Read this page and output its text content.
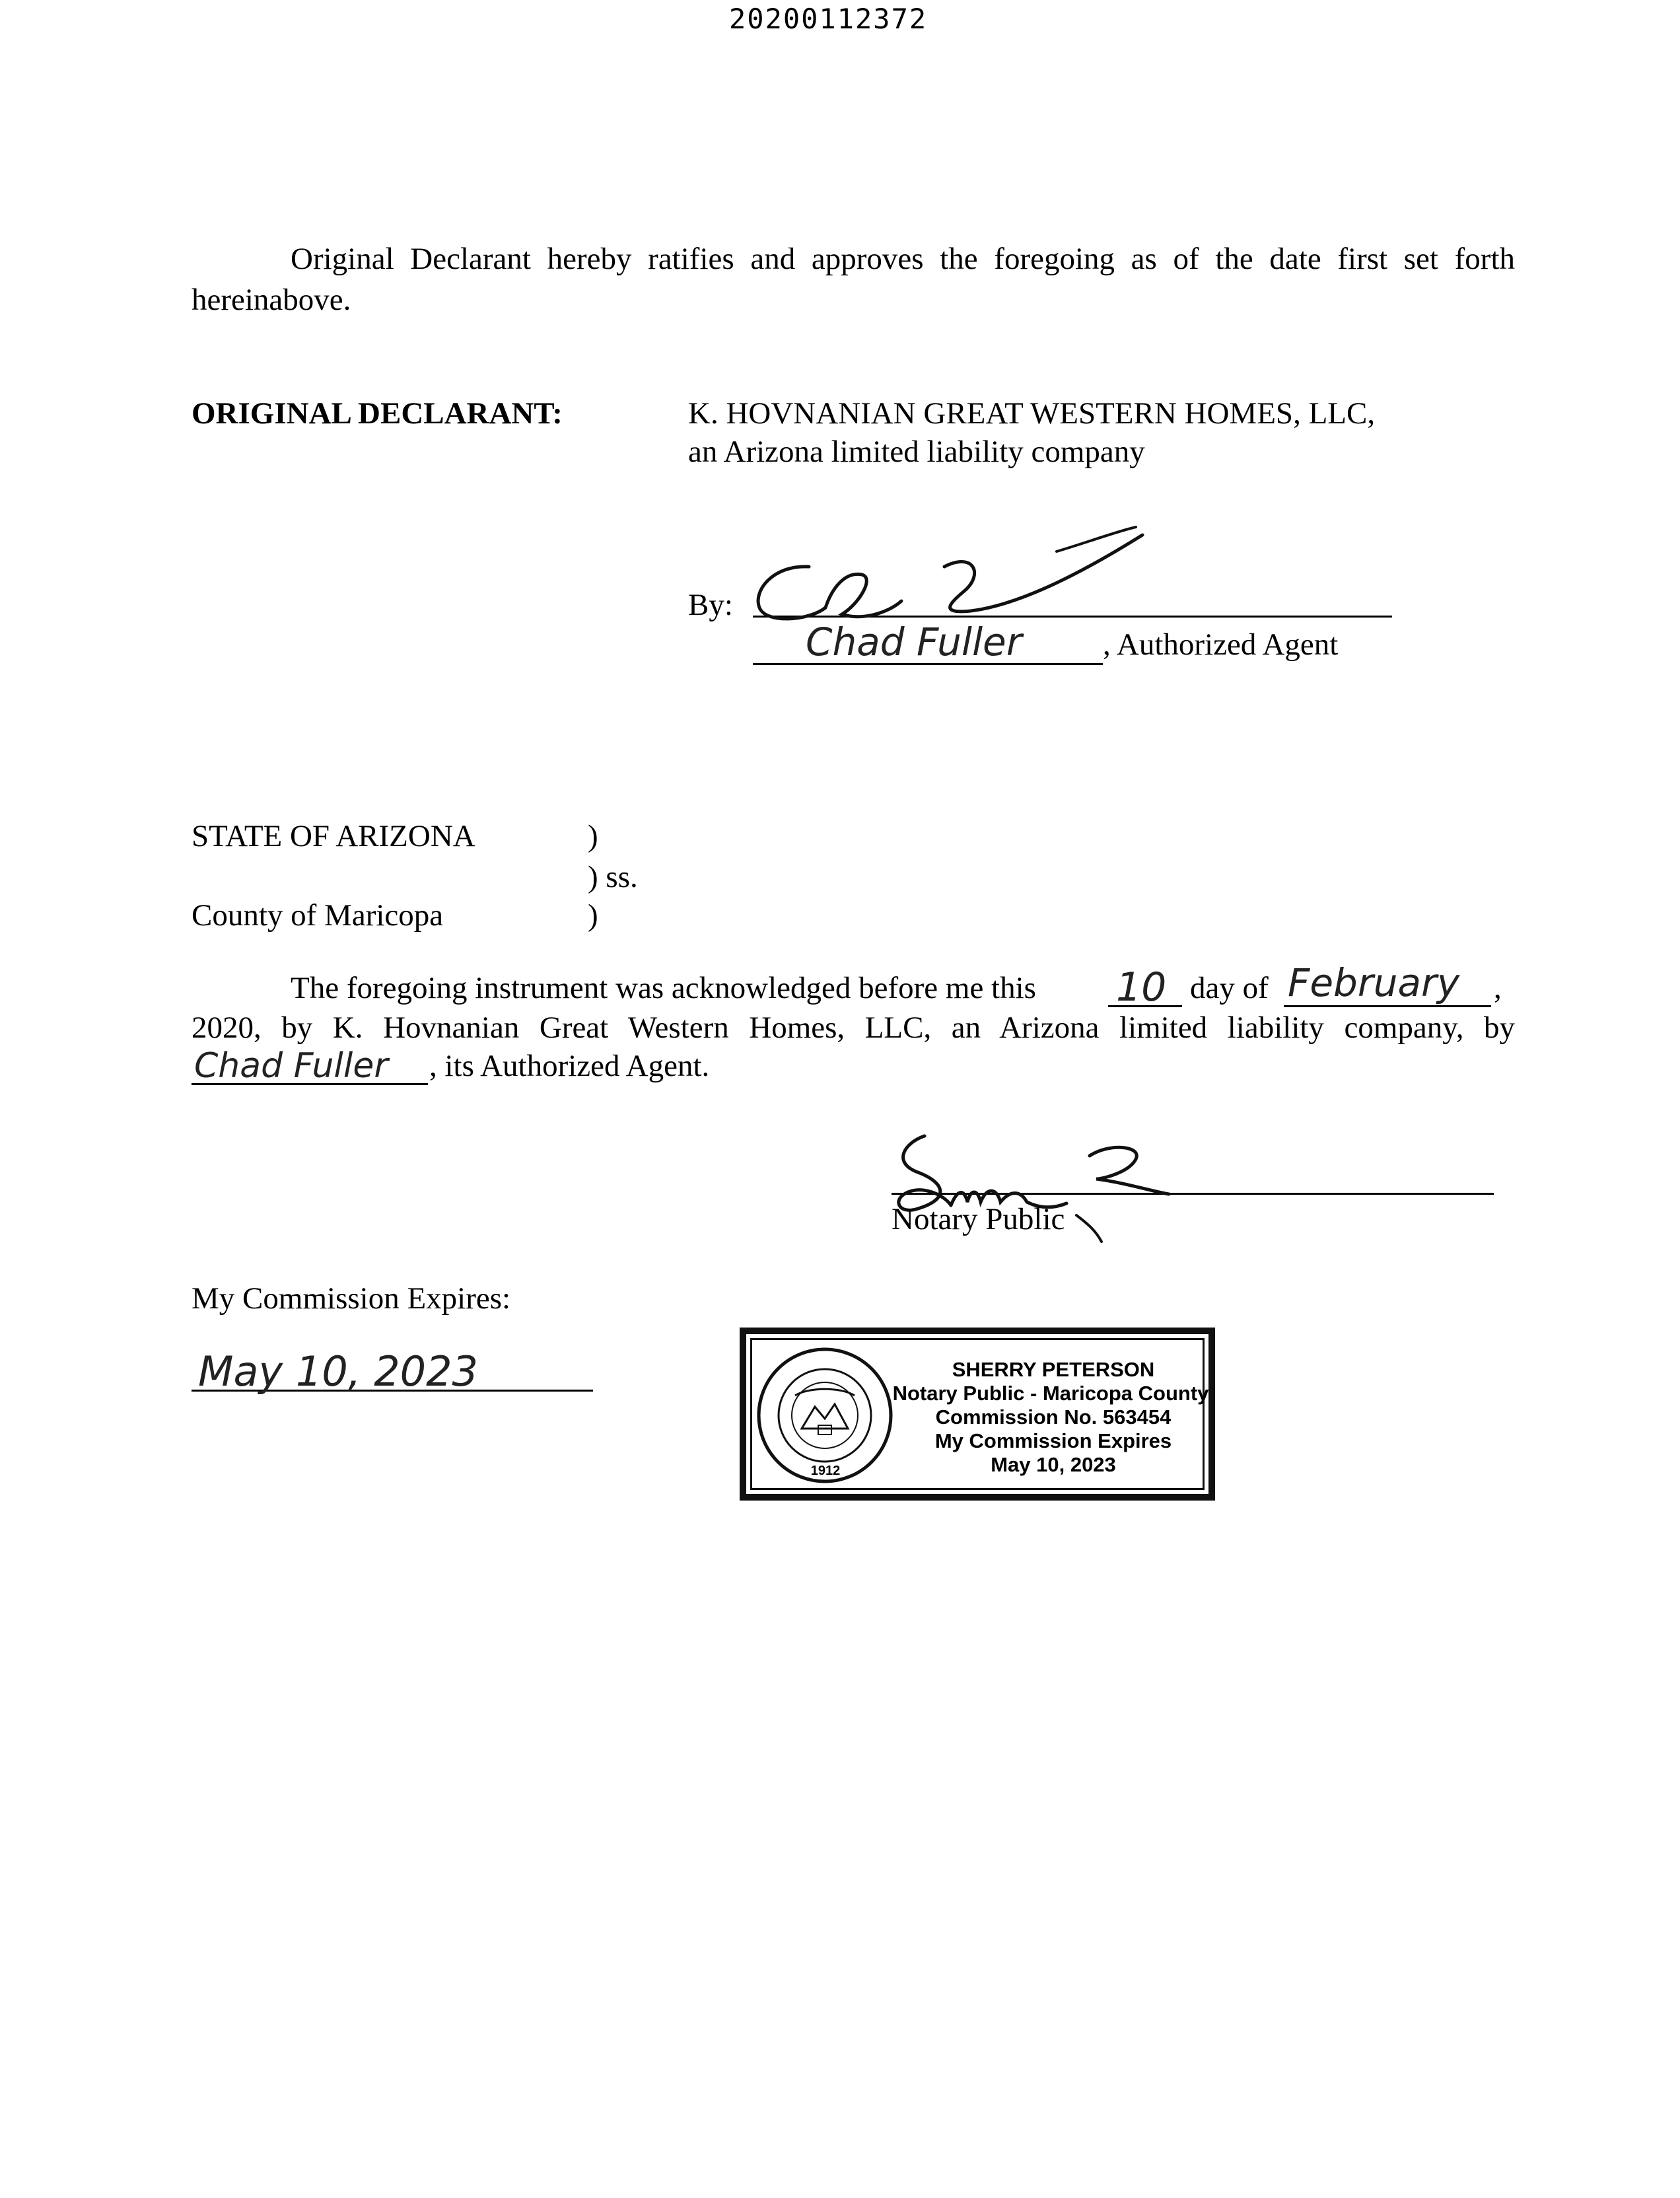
20200112372
Original Declarant hereby ratifies and approves the foregoing as of the date first set forth
hereinabove.
ORIGINAL DECLARANT:	K. HOVNANIAN GREAT WESTERN HOMES, LLC,
an Arizona limited liability company
By:
Chad Fuller	, Authorized Agent
STATE OF ARIZONA	)
) ss.
County of Maricopa	)
The foregoing instrument was acknowledged before me this 10 day of February ,
2020, by K. Hovnanian Great Western Homes, LLC, an Arizona limited liability company, by
Chad Fuller , its Authorized Agent.
Notary Public
My Commission Expires:
May 10, 2023
1912
SHERRY PETERSON
Notary Public - Maricopa County
Commission No. 563454
My Commission Expires
May 10, 2023
